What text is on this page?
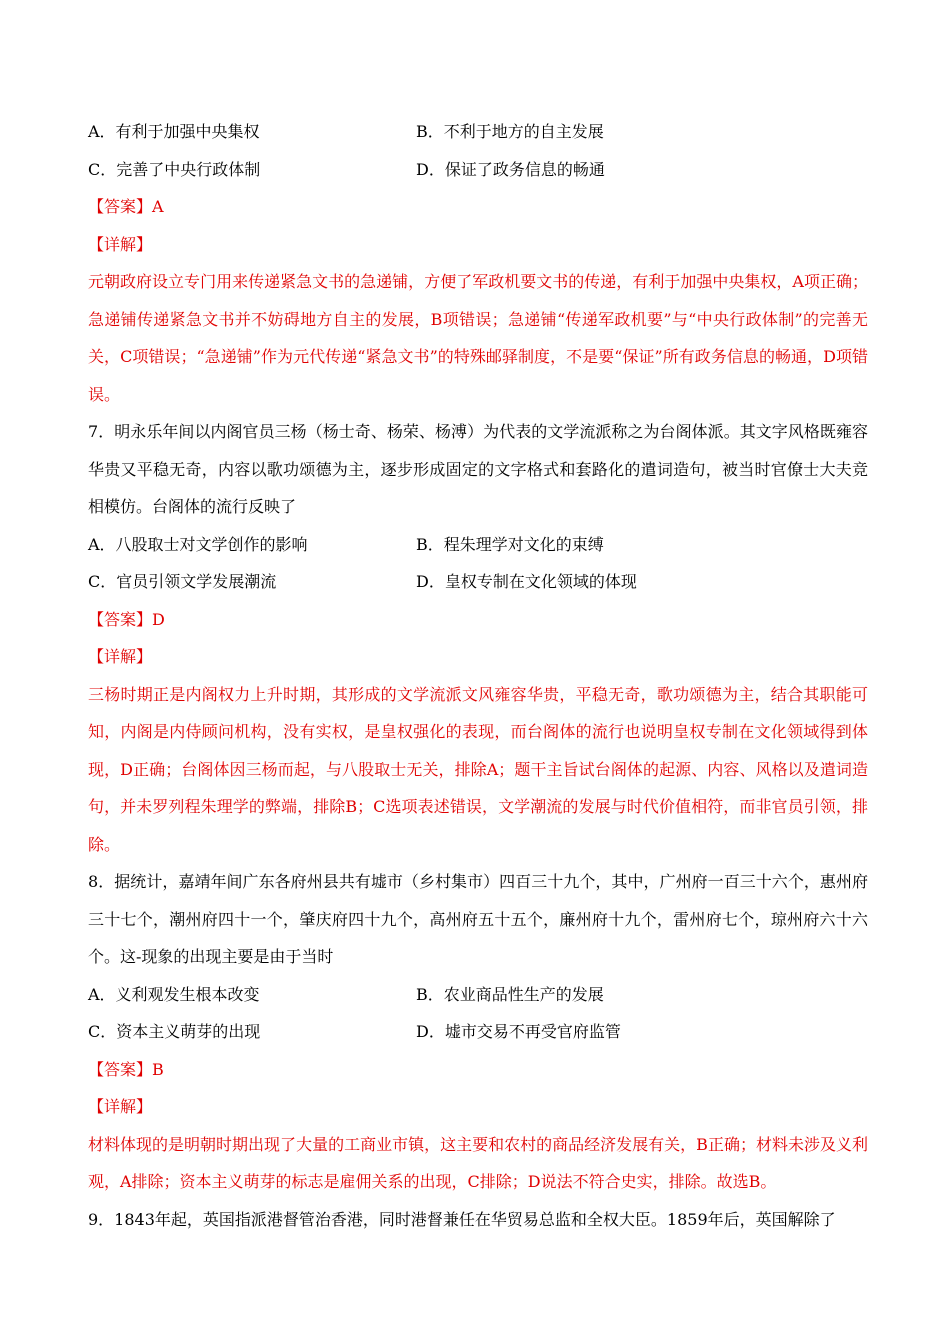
A．有利于加强中央集权	B．不利于地方的自主发展
C．完善了中央行政体制	D．保证了政务信息的畅通
【答案】A
【详解】
元朝政府设立专门用来传递紧急文书的急递铺，方便了军政机要文书的传递，有利于加强中央集权，A项正确；急递铺传递紧急文书并不妨碍地方自主的发展，B项错误；急递铺“传递军政机要”与“中央行政体制”的完善无关，C项错误；“急递铺”作为元代传递“紧急文书”的特殊邮驿制度，不是要“保证”所有政务信息的畅通，D项错误。
7．明永乐年间以内阁官员三杨（杨士奇、杨荣、杨溥）为代表的文学流派称之为台阁体派。其文字风格既雍容华贵又平稳无奇，内容以歌功颂德为主，逐步形成固定的文字格式和套路化的遣词造句，被当时官僚士大夫竞相模仿。台阁体的流行反映了
A．八股取士对文学创作的影响	B．程朱理学对文化的束缚
C．官员引领文学发展潮流	D．皇权专制在文化领域的体现
【答案】D
【详解】
三杨时期正是内阁权力上升时期，其形成的文学流派文风雍容华贵，平稳无奇，歌功颂德为主，结合其职能可知，内阁是内侍顾问机构，没有实权，是皇权强化的表现，而台阁体的流行也说明皇权专制在文化领域得到体现，D正确；台阁体因三杨而起，与八股取士无关，排除A；题干主旨试台阁体的起源、内容、风格以及遣词造句，并未罗列程朱理学的弊端，排除B；C选项表述错误，文学潮流的发展与时代价值相符，而非官员引领，排除。
8．据统计，嘉靖年间广东各府州县共有墟市（乡村集市）四百三十九个，其中，广州府一百三十六个，惠州府三十七个，潮州府四十一个，肇庆府四十九个，高州府五十五个，廉州府十九个，雷州府七个，琼州府六十六个。这-现象的出现主要是由于当时
A．义利观发生根本改变	B．农业商品性生产的发展
C．资本主义萌芽的出现	D．墟市交易不再受官府监管
【答案】B
【详解】
材料体现的是明朝时期出现了大量的工商业市镇，这主要和农村的商品经济发展有关，B正确；材料未涉及义利观，A排除；资本主义萌芽的标志是雇佣关系的出现，C排除；D说法不符合史实，排除。故选B。
9．1843年起，英国指派港督管治香港，同时港督兼任在华贸易总监和全权大臣。1859年后，英国解除了
